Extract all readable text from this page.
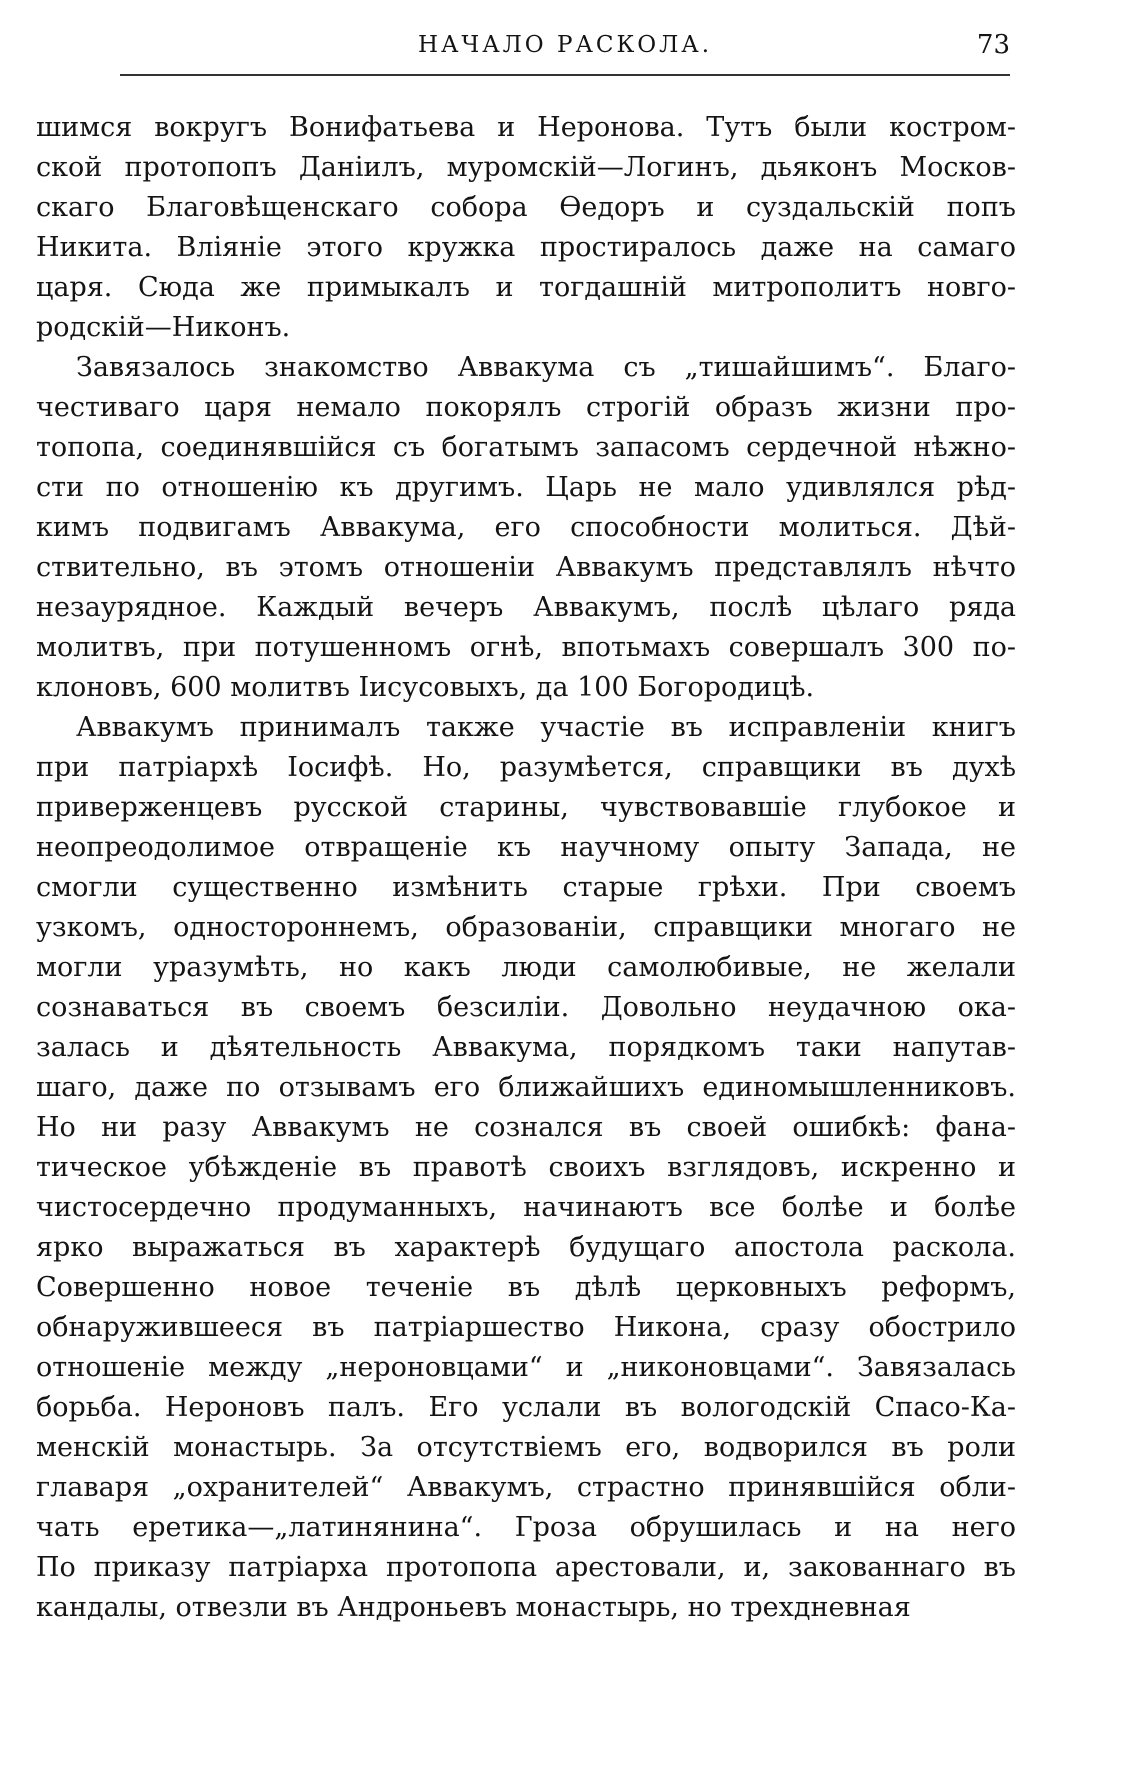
НАЧАЛО РАСКОЛА.	73
шимся вокругъ Вонифатьева и Неронова. Тутъ были костром-
ской протопопъ Даніилъ, муромскій—Логинъ, дьяконъ Москов-
скаго Благовѣщенскаго собора Ѳедоръ и суздальскій попъ
Никита. Вліяніе этого кружка простиралось даже на самаго
царя. Сюда же примыкалъ и тогдашній митрополитъ новго-
родскій—Никонъ.
Завязалось знакомство Аввакума съ „тишайшимъ“. Благо-
честиваго царя немало покорялъ строгій образъ жизни про-
топопа, соединявшійся съ богатымъ запасомъ сердечной нѣжно-
сти по отношенію къ другимъ. Царь не мало удивлялся рѣд-
кимъ подвигамъ Аввакума, его способности молиться. Дѣй-
ствительно, въ этомъ отношеніи Аввакумъ представлялъ нѣчто
незаурядное. Каждый вечеръ Аввакумъ, послѣ цѣлаго ряда
молитвъ, при потушенномъ огнѣ, впотьмахъ совершалъ 300 по-
клоновъ, 600 молитвъ Іисусовыхъ, да 100 Богородицѣ.
Аввакумъ принималъ также участіе въ исправленіи книгъ
при патріархѣ Іосифѣ. Но, разумѣется, справщики въ духѣ
приверженцевъ русской старины, чувствовавшіе глубокое и
неопреодолимое отвращеніе къ научному опыту Запада, не
смогли существенно измѣнить старые грѣхи. При своемъ
узкомъ, одностороннемъ, образованіи, справщики многаго не
могли уразумѣть, но какъ люди самолюбивые, не желали
сознаваться въ своемъ безсиліи. Довольно неудачною ока-
залась и дѣятельность Аввакума, порядкомъ таки напутав-
шаго, даже по отзывамъ его ближайшихъ единомышленниковъ.
Но ни разу Аввакумъ не сознался въ своей ошибкѣ: фана-
тическое убѣжденіе въ правотѣ своихъ взглядовъ, искренно и
чистосердечно продуманныхъ, начинаютъ все болѣе и болѣе
ярко выражаться въ характерѣ будущаго апостола раскола.
Совершенно новое теченіе въ дѣлѣ церковныхъ реформъ,
обнаружившееся въ патріаршество Никона, сразу обострило
отношеніе между „нероновцами“ и „никоновцами“. Завязалась
борьба. Нероновъ палъ. Его услали въ вологодскій Спасо-Ка-
менскій монастырь. За отсутствіемъ его, водворился въ роли
главаря „охранителей“ Аввакумъ, страстно принявшійся обли-
чать еретика—„латинянина“. Гроза обрушилась и на него
По приказу патріарха протопопа арестовали, и, закованнаго въ
кандалы, отвезли въ Андроньевъ монастырь, но трехдневная
